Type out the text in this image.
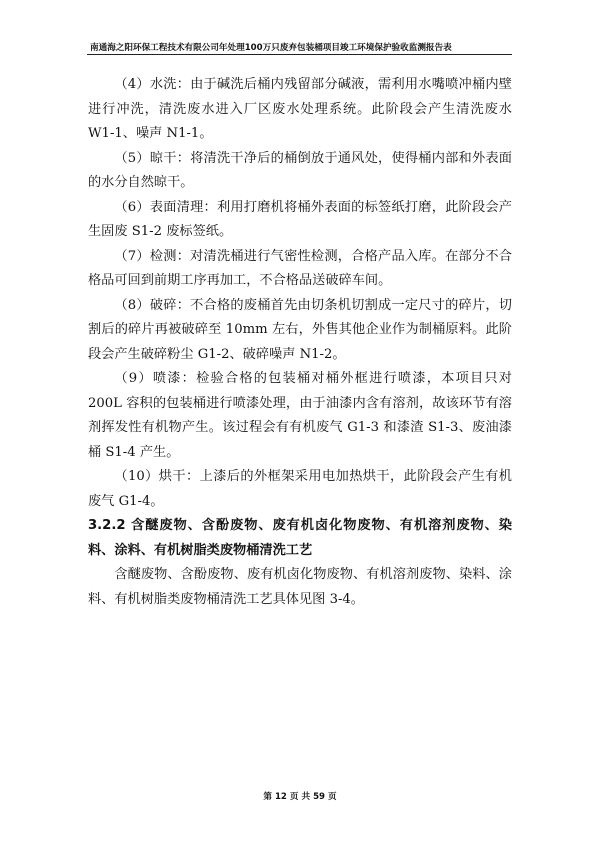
南通海之阳环保工程技术有限公司年处理100万只废弃包装桶项目竣工环境保护验收监测报告表

（4）水洗：由于碱洗后桶内残留部分碱液，需利用水嘴喷冲桶内壁进行冲洗，清洗废水进入厂区废水处理系统。此阶段会产生清洗废水 W1-1、噪声 N1-1。

（5）晾干：将清洗干净后的桶倒放于通风处，使得桶内部和外表面的水分自然晾干。

（6）表面清理：利用打磨机将桶外表面的标签纸打磨，此阶段会产生固废 S1-2 废标签纸。

（7）检测：对清洗桶进行气密性检测，合格产品入库。在部分不合格品可回到前期工序再加工，不合格品送破碎车间。

（8）破碎：不合格的废桶首先由切条机切割成一定尺寸的碎片，切割后的碎片再被破碎至 10mm 左右，外售其他企业作为制桶原料。此阶段会产生破碎粉尘 G1-2、破碎噪声 N1-2。

（9）喷漆：检验合格的包装桶对桶外框进行喷漆，本项目只对 200L 容积的包装桶进行喷漆处理，由于油漆内含有溶剂，故该环节有溶剂挥发性有机物产生。该过程会有有机废气 G1-3 和漆渣 S1-3、废油漆桶 S1-4 产生。

（10）烘干：上漆后的外框架采用电加热烘干，此阶段会产生有机废气 G1-4。

3.2.2 含醚废物、含酚废物、废有机卤化物废物、有机溶剂废物、染料、涂料、有机树脂类废物桶清洗工艺

含醚废物、含酚废物、废有机卤化物废物、有机溶剂废物、染料、涂料、有机树脂类废物桶清洗工艺具体见图 3-4。

第 12 页 共 59 页
